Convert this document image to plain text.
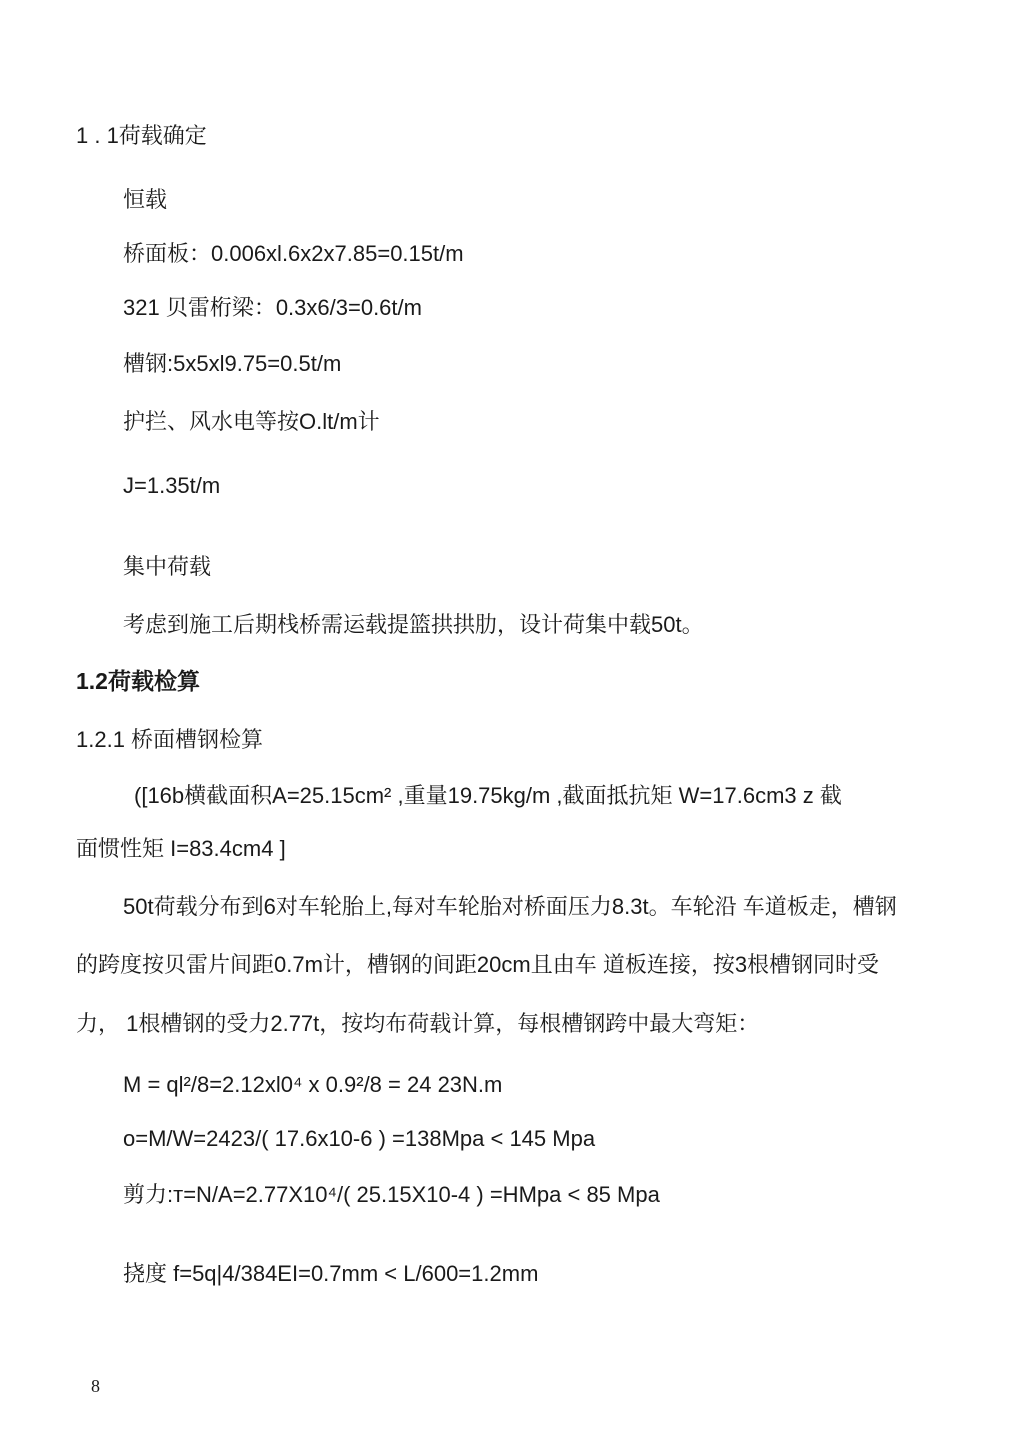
1 . 1荷载确定
恒载
桥面板：0.006xl.6x2x7.85=0.15t/m
321 贝雷桁梁：0.3x6/3=0.6t/m
槽钢:5x5xl9.75=0.5t/m
护拦、风水电等按O.lt/m计
J=1.35t/m
集中荷载
考虑到施工后期栈桥需运载提篮拱拱肋，设计荷集中载50t。
1.2荷载检算
1.2.1 桥面槽钢检算
([16b横截面积A=25.15cm² ,重量19.75kg/m ,截面抵抗矩 W=17.6cm3 ᴢ 截
面惯性矩 I=83.4cm4 ]
50t荷载分布到6对车轮胎上,每对车轮胎对桥面压力8.3t。车轮沿 车道板走，槽钢
的跨度按贝雷片间距0.7m计，槽钢的间距20cm且由车 道板连接，按3根槽钢同时受
力， 1根槽钢的受力2.77t，按均布荷载计算，每根槽钢跨中最大弯矩：
M = ql²/8=2.12xl0⁴ x 0.9²/8 = 24 23N.m
o=M/W=2423/( 17.6x10-6 ) =138Mpa < 145 Mpa
剪力:т=N/A=2.77X10⁴/( 25.15X10-4 ) =HMpa < 85 Mpa
挠度 f=5q|4/384EI=0.7mm < L/600=1.2mm
8
